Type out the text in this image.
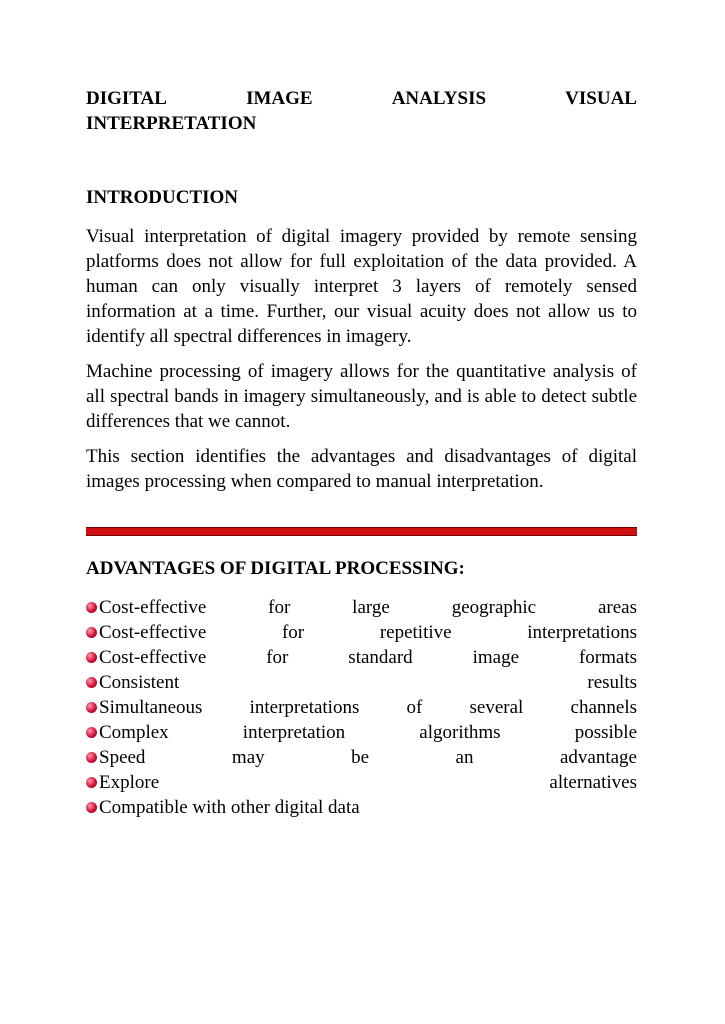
DIGITAL	IMAGE	ANALYSIS	VISUAL
INTERPRETATION
INTRODUCTION

Visual interpretation of digital imagery provided by remote sensing platforms does not allow for full exploitation of the data provided. A human can only visually interpret 3 layers of remotely sensed information at a time. Further, our visual acuity does not allow us to identify all spectral differences in imagery.

Machine processing of imagery allows for the quantitative analysis of all spectral bands in imagery simultaneously, and is able to detect subtle differences that we cannot.

This section identifies the advantages and disadvantages of digital images processing when compared to manual interpretation.

ADVANTAGES OF DIGITAL PROCESSING:
Cost-effective for large geographic areas
Cost-effective for repetitive interpretations
Cost-effective for standard image formats
Consistent results
Simultaneous interpretations of several channels
Complex interpretation algorithms possible
Speed may be an advantage
Explore alternatives
Compatible with other digital data
